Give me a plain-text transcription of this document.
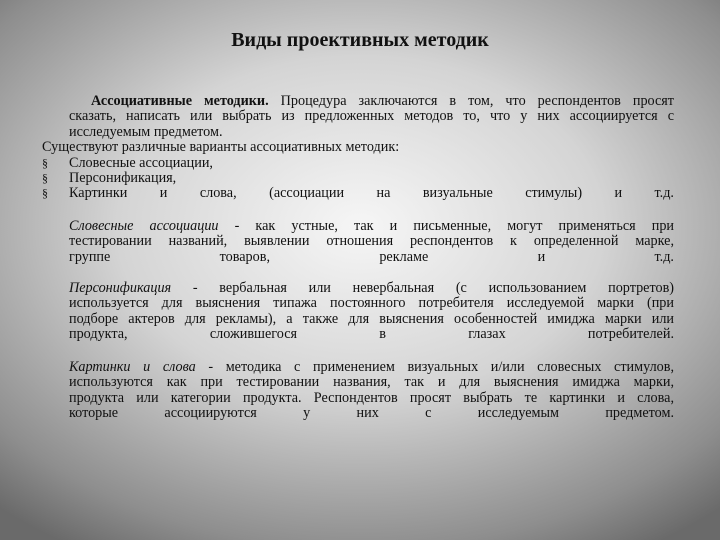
Виды проективных методик
Ассоциативные методики. Процедура заключаются в том, что респондентов просят
сказать, написать или выбрать из предложенных методов то, что у них ассоциируется с
исследуемым предметом.
Существуют различные варианты ассоциативных методик:
§ Словесные ассоциации,
§ Персонификация,
§ Картинки и слова, (ассоциации на визуальные стимулы) и т.д.
Словесные ассоциации - как устные, так и письменные, могут применяться при
тестировании названий, выявлении отношения респондентов к определенной марке,
группе	товаров,	рекламе	и	т.д.
Персонификация - вербальная или невербальная (с использованием портретов)
используется для выяснения типажа постоянного потребителя исследуемой марки (при
подборе актеров для рекламы), а также для выяснения особенностей имиджа марки или
продукта,	сложившегося	в	глазах	потребителей.
Картинки и слова - методика с применением визуальных и/или словесных стимулов,
используются как при тестировании названия, так и для выяснения имиджа марки,
продукта или категории продукта. Респондентов просят выбрать те картинки и слова,
которые	ассоциируются	у	них	с	исследуемым	предметом.
